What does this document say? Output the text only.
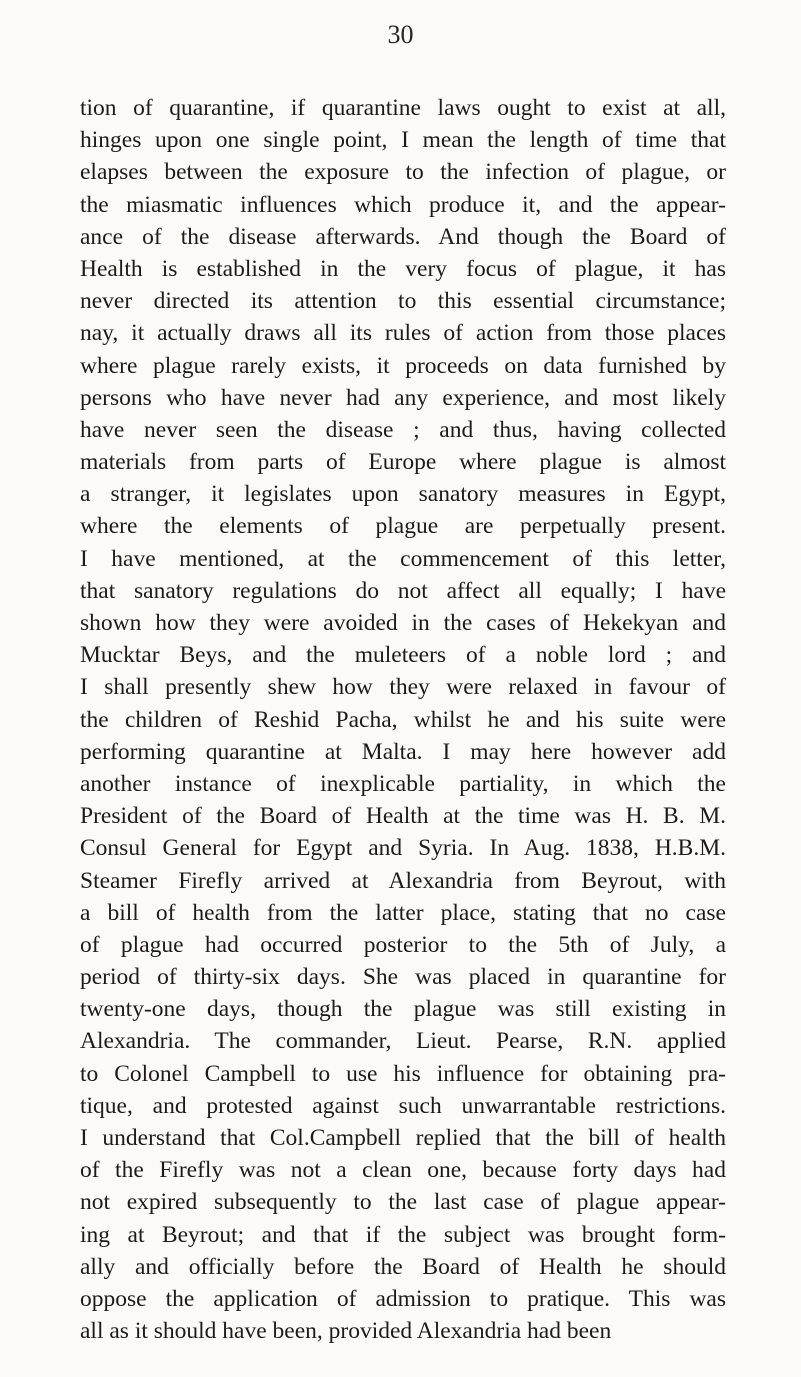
30
tion of quarantine, if quarantine laws ought to exist at all,
hinges upon one single point, I mean the length of time that
elapses between the exposure to the infection of plague, or
the miasmatic influences which produce it, and the appear-
ance of the disease afterwards. And though the Board of
Health is established in the very focus of plague, it has
never directed its attention to this essential circumstance;
nay, it actually draws all its rules of action from those places
where plague rarely exists, it proceeds on data furnished by
persons who have never had any experience, and most likely
have never seen the disease ; and thus, having collected
materials from parts of Europe where plague is almost
a stranger, it legislates upon sanatory measures in Egypt,
where the elements of plague are perpetually present.
I have mentioned, at the commencement of this letter,
that sanatory regulations do not affect all equally; I have
shown how they were avoided in the cases of Hekekyan and
Mucktar Beys, and the muleteers of a noble lord ; and
I shall presently shew how they were relaxed in favour of
the children of Reshid Pacha, whilst he and his suite were
performing quarantine at Malta. I may here however add
another instance of inexplicable partiality, in which the
President of the Board of Health at the time was H. B. M.
Consul General for Egypt and Syria. In Aug. 1838, H.B.M.
Steamer Firefly arrived at Alexandria from Beyrout, with
a bill of health from the latter place, stating that no case
of plague had occurred posterior to the 5th of July, a
period of thirty-six days. She was placed in quarantine for
twenty-one days, though the plague was still existing in
Alexandria. The commander, Lieut. Pearse, R.N. applied
to Colonel Campbell to use his influence for obtaining pra-
tique, and protested against such unwarrantable restrictions.
I understand that Col.Campbell replied that the bill of health
of the Firefly was not a clean one, because forty days had
not expired subsequently to the last case of plague appear-
ing at Beyrout; and that if the subject was brought form-
ally and officially before the Board of Health he should
oppose the application of admission to pratique. This was
all as it should have been, provided Alexandria had been
